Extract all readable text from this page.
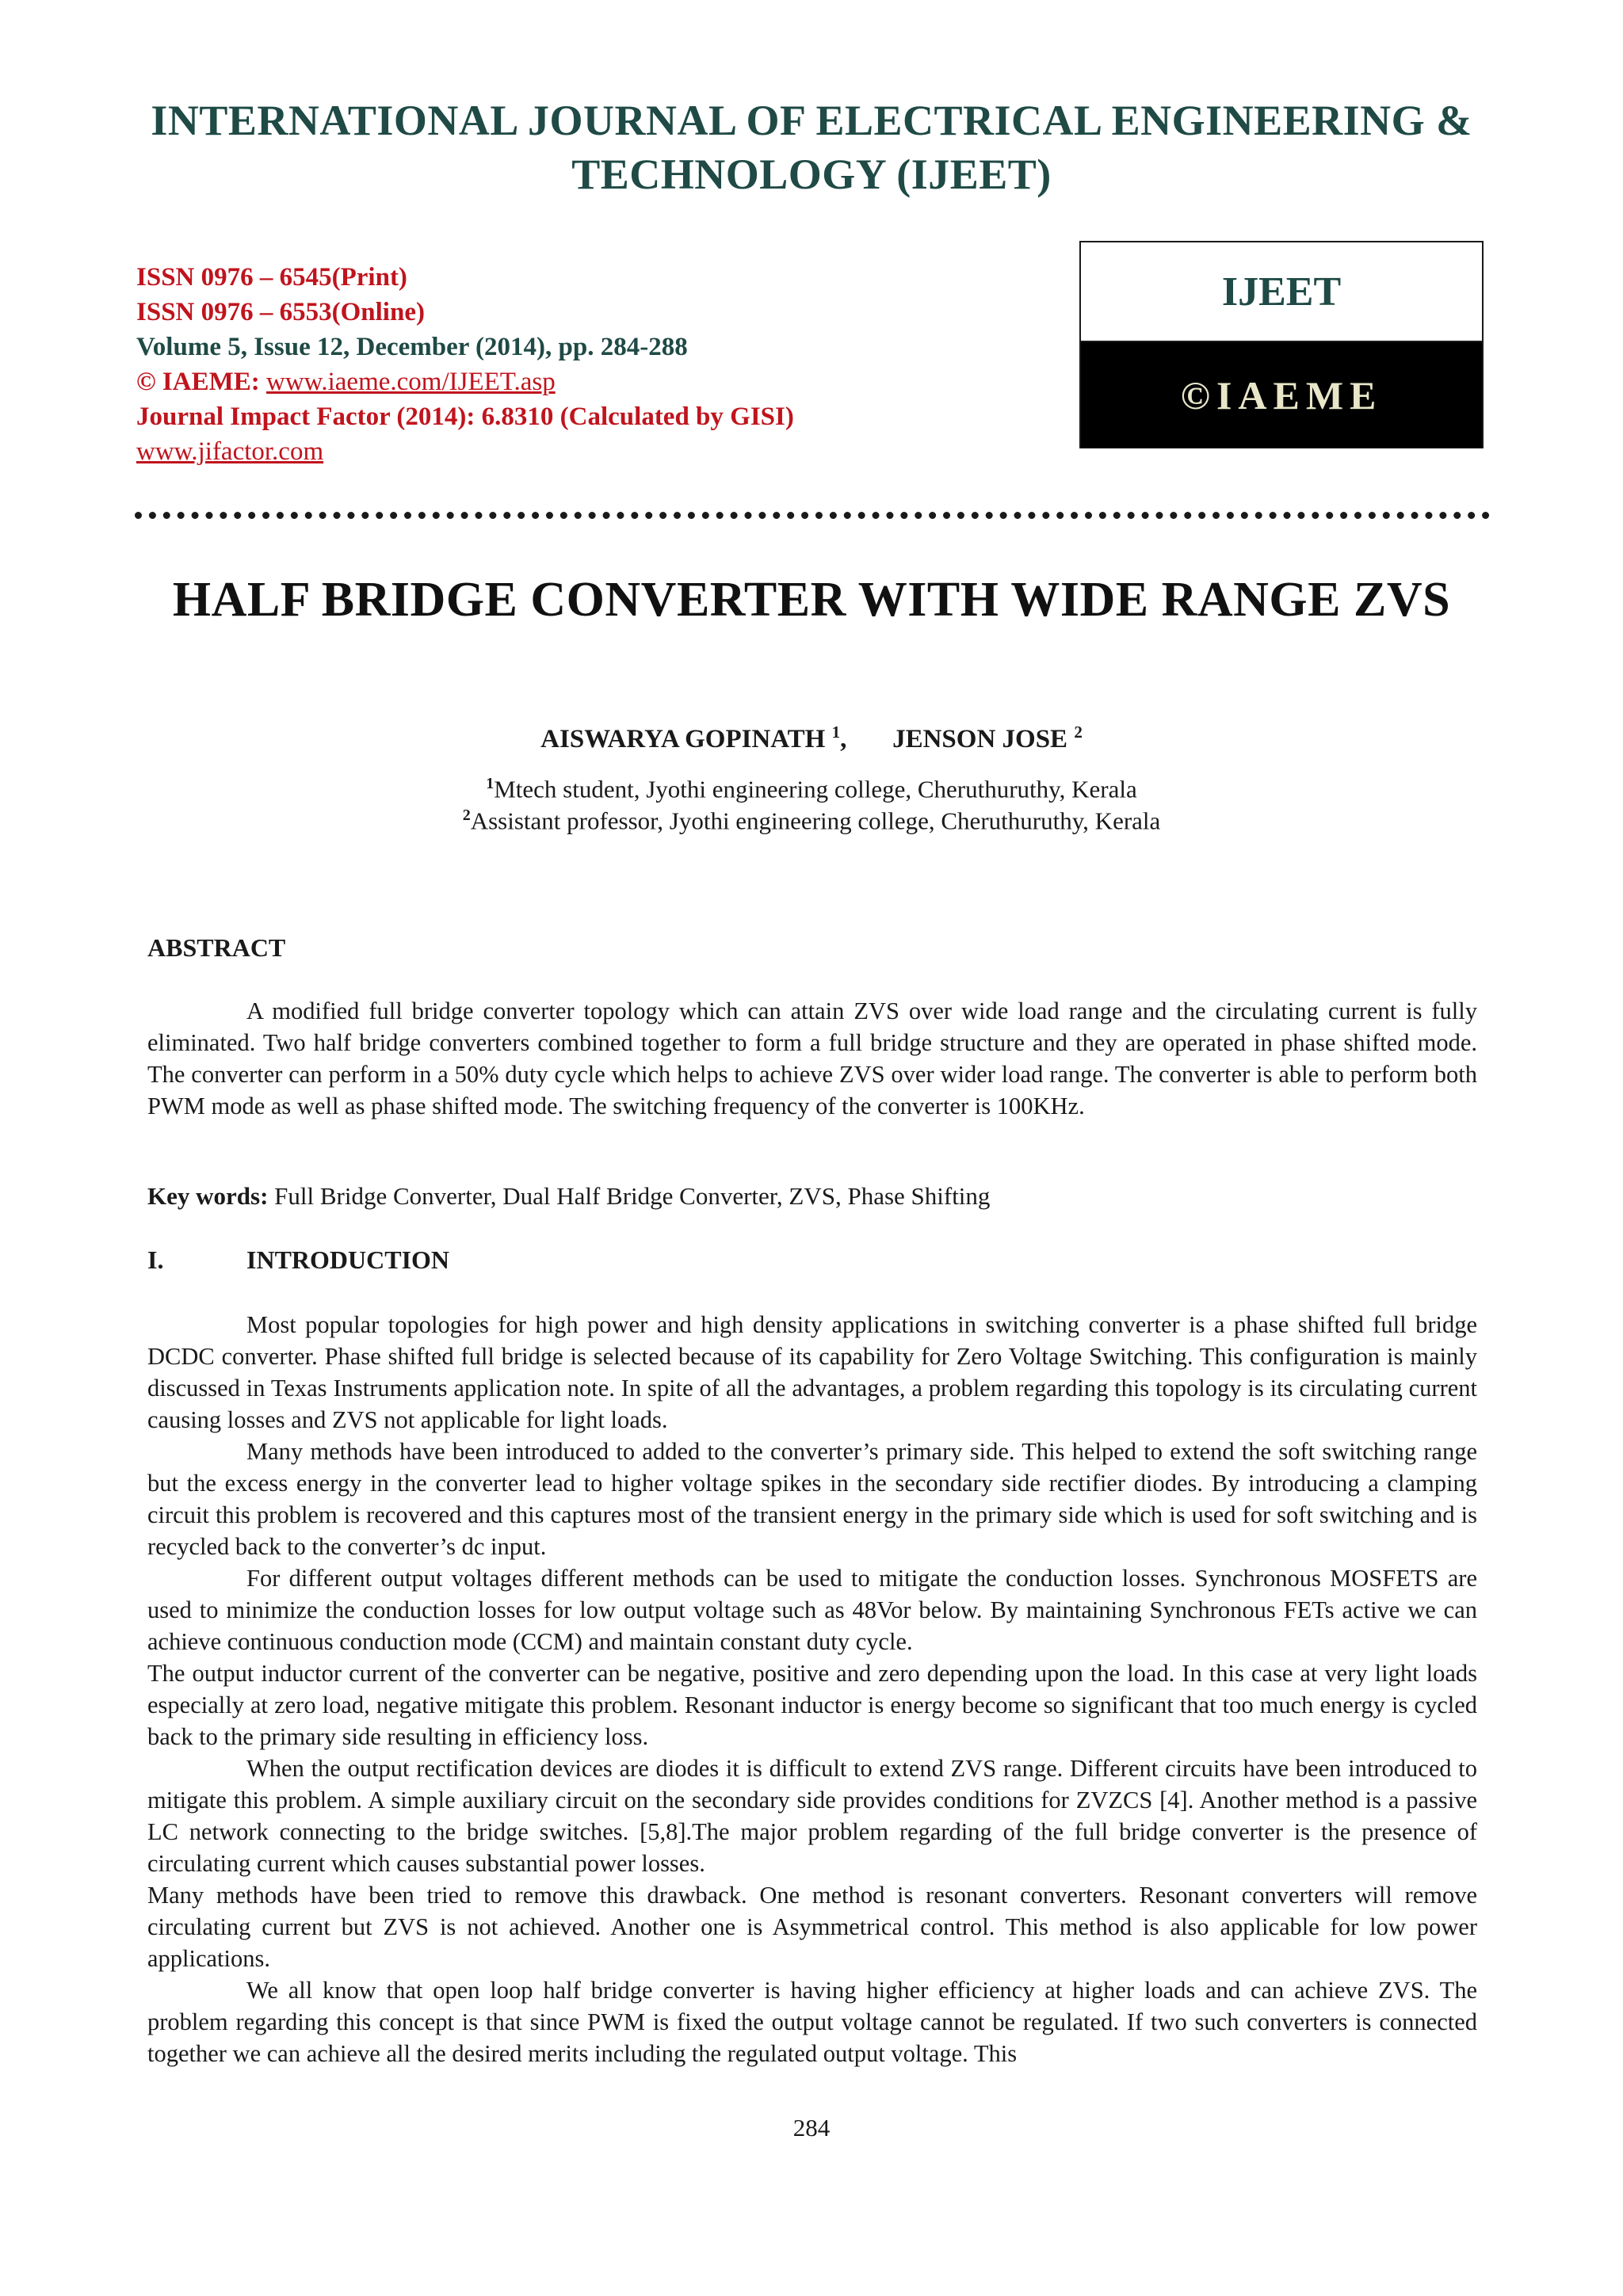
INTERNATIONAL JOURNAL OF ELECTRICAL ENGINEERING &
TECHNOLOGY (IJEET)
ISSN 0976 – 6545(Print)
ISSN 0976 – 6553(Online)
Volume 5, Issue 12, December (2014), pp. 284-288
© IAEME: www.iaeme.com/IJEET.asp
Journal Impact Factor (2014): 6.8310 (Calculated by GISI)
www.jifactor.com
IJEET
©IAEME
HALF BRIDGE CONVERTER WITH WIDE RANGE ZVS
AISWARYA GOPINATH $^1$,       JENSON JOSE $^2$
$^1$Mtech student, Jyothi engineering college, Cheruthuruthy, Kerala
$^2$Assistant professor, Jyothi engineering college, Cheruthuruthy, Kerala
ABSTRACT
A modified full bridge converter topology which can attain ZVS over wide load range and the circulating current is fully eliminated. Two half bridge converters combined together to form a full bridge structure and they are operated in phase shifted mode. The converter can perform in a 50% duty cycle which helps to achieve ZVS over wider load range. The converter is able to perform both PWM mode as well as phase shifted mode. The switching frequency of the converter is 100KHz.
Key words: Full Bridge Converter, Dual Half Bridge Converter, ZVS, Phase Shifting
I.	INTRODUCTION
Most popular topologies for high power and high density applications in switching converter is a phase shifted full bridge DCDC converter. Phase shifted full bridge is selected because of its capability for Zero Voltage Switching. This configuration is mainly discussed in Texas Instruments application note. In spite of all the advantages, a problem regarding this topology is its circulating current causing losses and ZVS not applicable for light loads.
Many methods have been introduced to added to the converter’s primary side. This helped to extend the soft switching range but the excess energy in the converter lead to higher voltage spikes in the secondary side rectifier diodes. By introducing a clamping circuit this problem is recovered and this captures most of the transient energy in the primary side which is used for soft switching and is recycled back to the converter’s dc input.
For different output voltages different methods can be used to mitigate the conduction losses. Synchronous MOSFETS are used to minimize the conduction losses for low output voltage such as 48Vor below. By maintaining Synchronous FETs active we can achieve continuous conduction mode (CCM) and maintain constant duty cycle.
The output inductor current of the converter can be negative, positive and zero depending upon the load. In this case at very light loads especially at zero load, negative mitigate this problem. Resonant inductor is energy become so significant that too much energy is cycled back to the primary side resulting in efficiency loss.
When the output rectification devices are diodes it is difficult to extend ZVS range. Different circuits have been introduced to mitigate this problem. A simple auxiliary circuit on the secondary side provides conditions for ZVZCS [4]. Another method is a passive LC network connecting to the bridge switches. [5,8].The major problem regarding of the full bridge converter is the presence of circulating current which causes substantial power losses.
Many methods have been tried to remove this drawback. One method is resonant converters. Resonant converters will remove circulating current but ZVS is not achieved. Another one is Asymmetrical control. This method is also applicable for low power applications.
We all know that open loop half bridge converter is having higher efficiency at higher loads and can achieve ZVS. The problem regarding this concept is that since PWM is fixed the output voltage cannot be regulated. If two such converters is connected together we can achieve all the desired merits including the regulated output voltage. This
284
